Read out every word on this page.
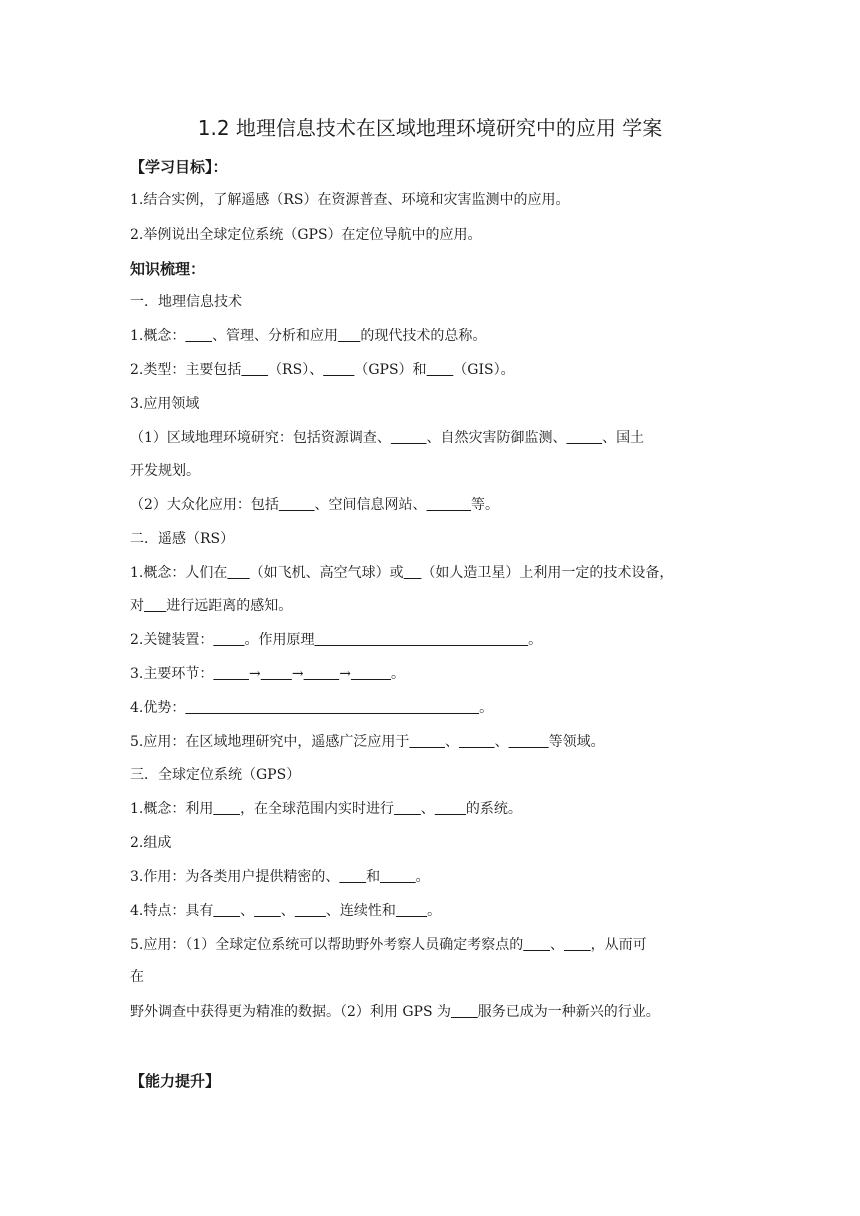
1.2 地理信息技术在区域地理环境研究中的应用 学案
【学习目标】：
1.结合实例，了解遥感（RS）在资源普查、环境和灾害监测中的应用。
2.举例说出全球定位系统（GPS）在定位导航中的应用。
知识梳理：
一．地理信息技术
1.概念： 、管理、分析和应用 的现代技术的总称。
2.类型：主要包括 （RS）、 （GPS）和 （GIS）。
3.应用领域
（1）区域地理环境研究：包括资源调查、	、自然灾害防御监测、	、国土
开发规划。
（2）大众化应用：包括	、空间信息网站、	等。
二．遥感（RS）
1.概念：人们在 （如飞机、高空气球）或 （如人造卫星）上利用一定的技术设备，
对 进行远距离的感知。
2.关键装置： 。作用原理	。
3.主要环节：	→ →	→	。
4.优势：	。
5.应用：在区域地理研究中，遥感广泛应用于	、	、	等领域。
三．全球定位系统（GPS）
1.概念：利用 ，在全球范围内实时进行 、 的系统。
2.组成
3.作用：为各类用户提供精密的、 和	。
4.特点：具有 、 、 、连续性和 。
5.应用：（1）全球定位系统可以帮助野外考察人员确定考察点的 、 ，从而可
在
野外调查中获得更为精准的数据。（2）利用 GPS 为 服务已成为一种新兴的行业。
【能力提升】
